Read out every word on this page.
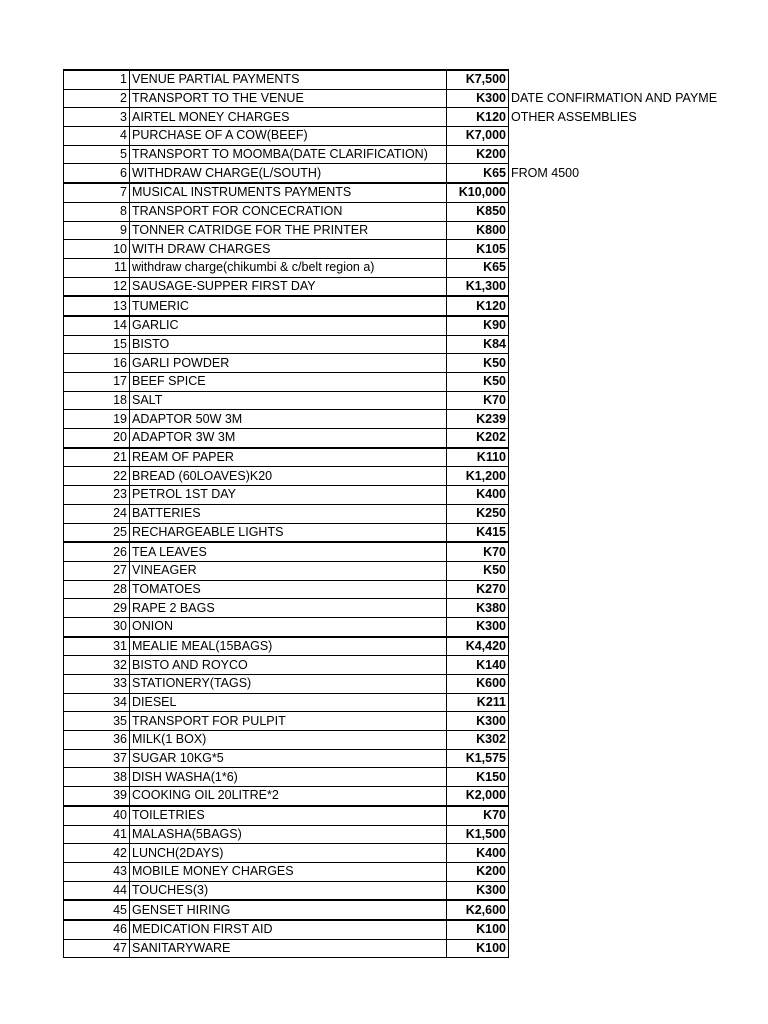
1	VENUE PARTIAL PAYMENTS	K7,500	
2	TRANSPORT TO THE VENUE	K300	DATE CONFIRMATION AND PAYME
3	AIRTEL MONEY CHARGES	K120	OTHER ASSEMBLIES
4	PURCHASE OF A COW(BEEF)	K7,000	
5	TRANSPORT TO MOOMBA(DATE CLARIFICATION)	K200	
6	WITHDRAW CHARGE(L/SOUTH)	K65	FROM 4500
7	MUSICAL INSTRUMENTS PAYMENTS	K10,000	
8	TRANSPORT FOR CONCECRATION	K850	
9	TONNER CATRIDGE FOR THE PRINTER	K800	
10	WITH DRAW CHARGES	K105	
11	withdraw charge(chikumbi & c/belt region a)	K65	
12	SAUSAGE-SUPPER FIRST DAY	K1,300	
13	TUMERIC	K120	
14	GARLIC	K90	
15	BISTO	K84	
16	GARLI POWDER	K50	
17	BEEF SPICE	K50	
18	SALT	K70	
19	ADAPTOR 50W 3M	K239	
20	ADAPTOR 3W 3M	K202	
21	REAM OF PAPER	K110	
22	BREAD (60LOAVES)K20	K1,200	
23	PETROL 1ST DAY	K400	
24	BATTERIES	K250	
25	RECHARGEABLE LIGHTS	K415	
26	TEA LEAVES	K70	
27	VINEAGER	K50	
28	TOMATOES	K270	
29	RAPE 2 BAGS	K380	
30	ONION	K300	
31	MEALIE MEAL(15BAGS)	K4,420	
32	BISTO AND ROYCO	K140	
33	STATIONERY(TAGS)	K600	
34	DIESEL	K211	
35	TRANSPORT FOR PULPIT	K300	
36	MILK(1 BOX)	K302	
37	SUGAR 10KG*5	K1,575	
38	DISH WASHA(1*6)	K150	
39	COOKING OIL 20LITRE*2	K2,000	
40	TOILETRIES	K70	
41	MALASHA(5BAGS)	K1,500	
42	LUNCH(2DAYS)	K400	
43	MOBILE MONEY CHARGES	K200	
44	TOUCHES(3)	K300	
45	GENSET HIRING	K2,600	
46	MEDICATION FIRST AID	K100	
47	SANITARYWARE	K100	
